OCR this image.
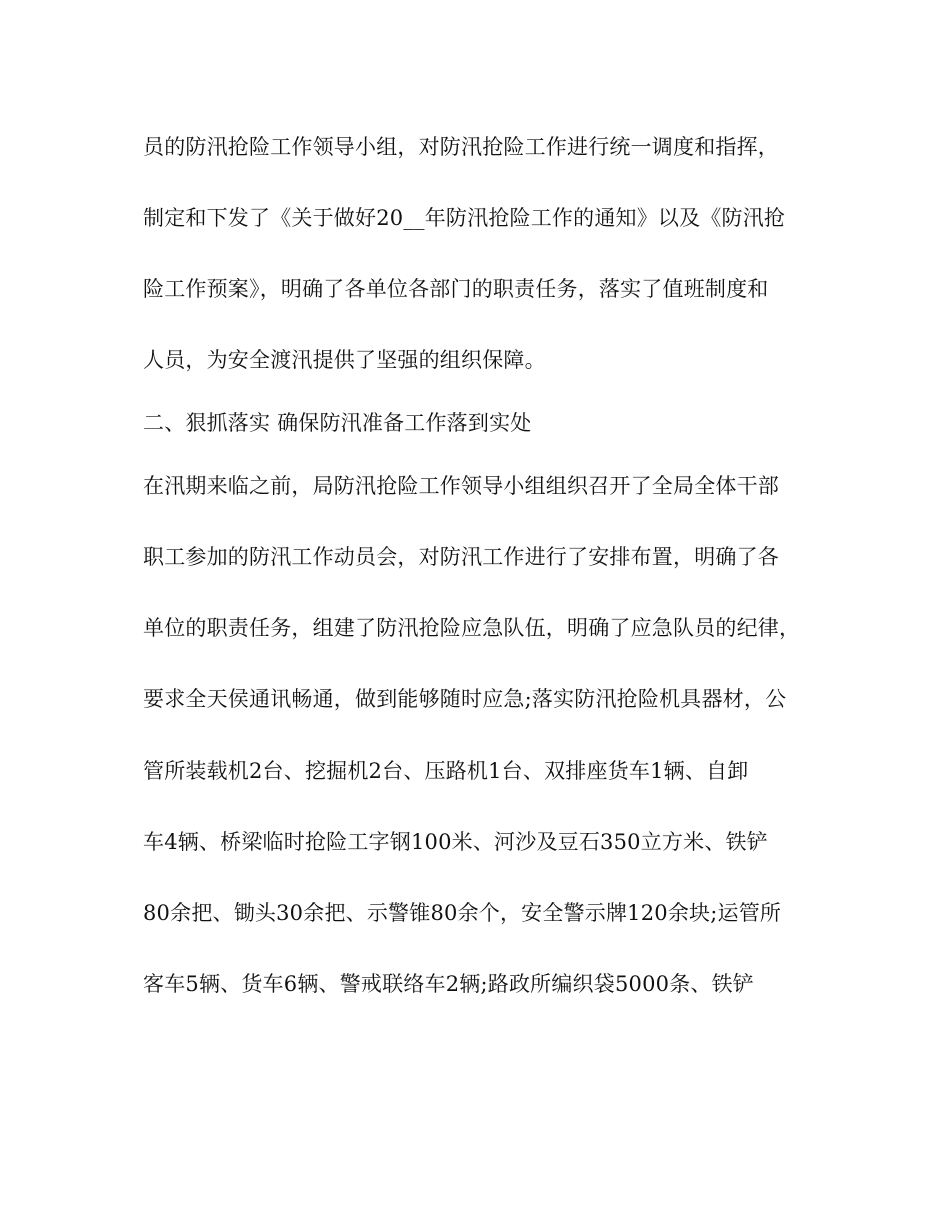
员的防汛抢险工作领导小组，对防汛抢险工作进行统一调度和指挥，

制定和下发了《关于做好20__年防汛抢险工作的通知》以及《防汛抢

险工作预案》，明确了各单位各部门的职责任务，落实了值班制度和

人员，为安全渡汛提供了坚强的组织保障。

二、狠抓落实 确保防汛准备工作落到实处

在汛期来临之前，局防汛抢险工作领导小组组织召开了全局全体干部

职工参加的防汛工作动员会，对防汛工作进行了安排布置，明确了各

单位的职责任务，组建了防汛抢险应急队伍，明确了应急队员的纪律，

要求全天侯通讯畅通，做到能够随时应急;落实防汛抢险机具器材，公

管所装载机2台、挖掘机2台、压路机1台、双排座货车1辆、自卸

车4辆、桥梁临时抢险工字钢100米、河沙及豆石350立方米、铁铲

80余把、锄头30余把、示警锥80余个，安全警示牌120余块;运管所

客车5辆、货车6辆、警戒联络车2辆;路政所编织袋5000条、铁铲
